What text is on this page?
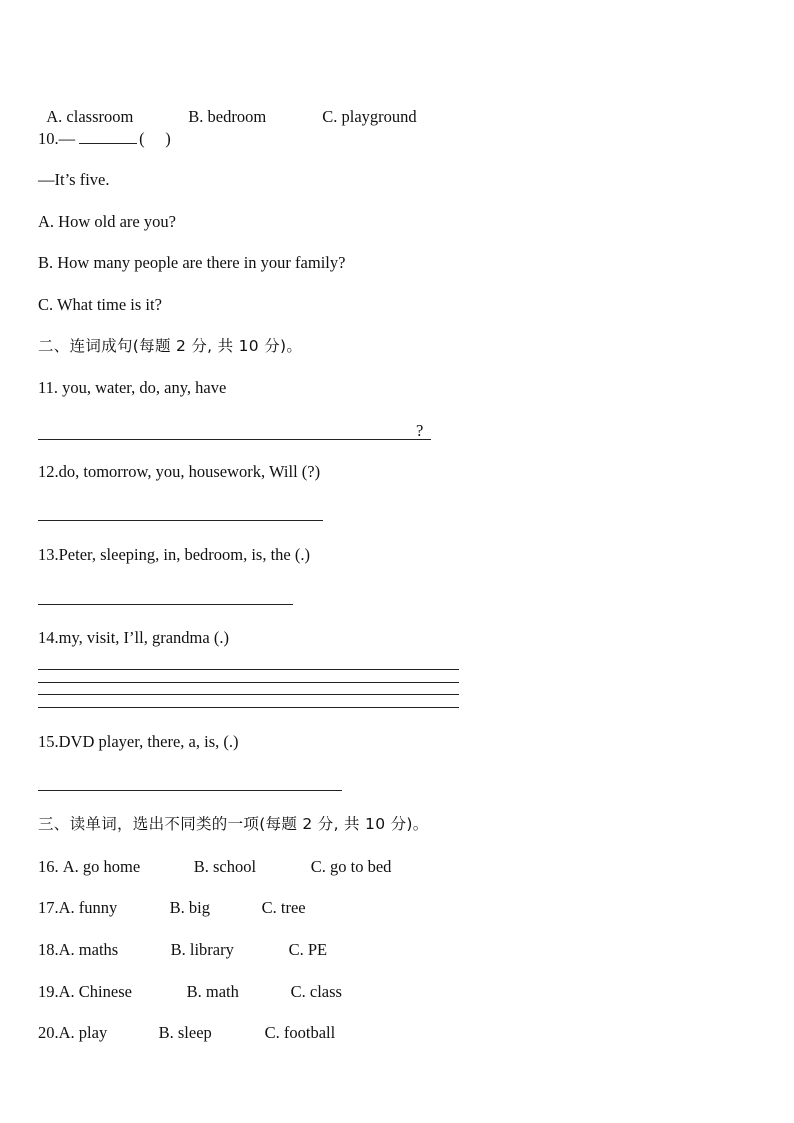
A. classroom	B. bedroom	C. playground

10.—	(     )
—It’s five.
A. How old are you?
B. How many people are there in your family?
C. What time is it?
二、连词成句(每题 2 分, 共 10 分)。
11. you, water, do, any, have
?
12.do, tomorrow, you, housework, Will (?)
13.Peter, sleeping, in, bedroom, is, the (.)
14.my, visit, I’ll, grandma (.)
15.DVD player, there, a, is, (.)
三、读单词，选出不同类的一项(每题 2 分, 共 10 分)。
16. A. go home	B. school	C. go to bed
17.A. funny	B. big	C. tree
18.A. maths	B. library	C. PE
19.A. Chinese	B. math	C. class
20.A. play	B. sleep	C. football
